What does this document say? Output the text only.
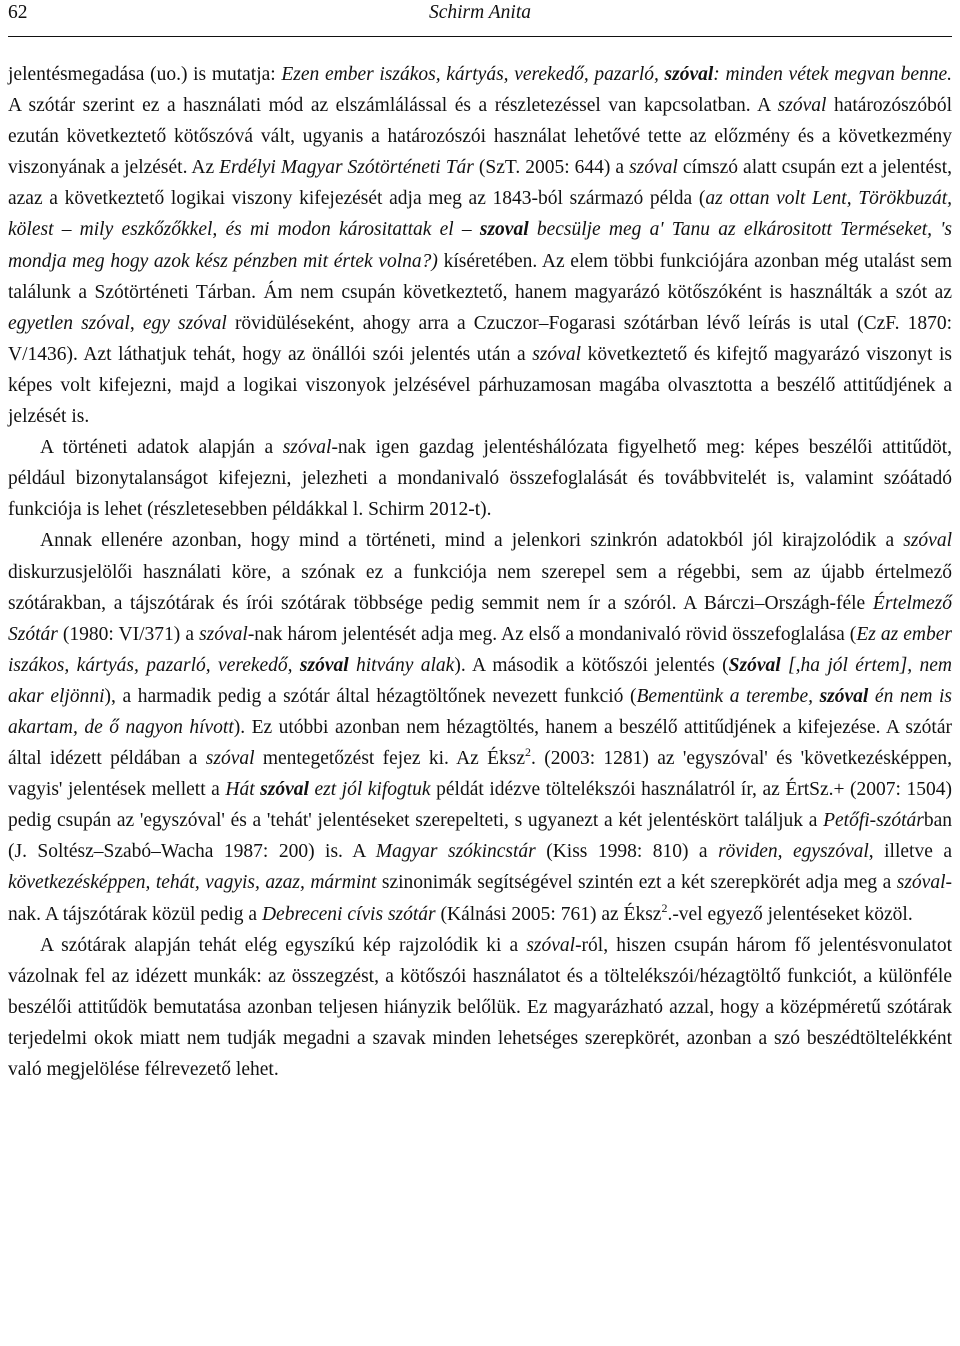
62	Schirm Anita

jelentésmegadása (uo.) is mutatja: Ezen ember iszákos, kártyás, verekedő, pazarló, szóval: minden vétek megvan benne. A szótár szerint ez a használati mód az elszámlálással és a részletezéssel van kapcsolatban. A szóval határozószóból ezután következtető kötőszóvá vált, ugyanis a határozószói használat lehetővé tette az előzmény és a következmény viszonyának a jelzését. Az Erdélyi Magyar Szótörténeti Tár (SzT. 2005: 644) a szóval címszó alatt csupán ezt a jelentést, azaz a következtető logikai viszony kifejezését adja meg az 1843-ból származó példa (az ottan volt Lent, Törökbuzát, kölest – mily eszkőzőkkel, és mi modon kárositattak el – szoval becsülje meg a' Tanu az elkárositott Terméseket, 's mondja meg hogy azok kész pénzben mit értek volna?) kíséretében. Az elem többi funkciójára azonban még utalást sem találunk a Szótörténeti Tárban. Ám nem csupán következtető, hanem magyarázó kötőszóként is használták a szót az egyetlen szóval, egy szóval rövidüléseként, ahogy arra a Czuczor–Fogarasi szótárban lévő leírás is utal (CzF. 1870: V/1436). Azt láthatjuk tehát, hogy az önállói szói jelentés után a szóval következtető és kifejtő magyarázó viszonyt is képes volt kifejezni, majd a logikai viszonyok jelzésével párhuzamosan magába olvasztotta a beszélő attitűdjének a jelzését is.

A történeti adatok alapján a szóval-nak igen gazdag jelentéshálózata figyelhető meg: képes beszélői attitűdöt, például bizonytalanságot kifejezni, jelezheti a mondanivaló összefoglalását és továbbvitelét is, valamint szóátadó funkciója is lehet (részletesebben példákkal l. Schirm 2012-t).

Annak ellenére azonban, hogy mind a történeti, mind a jelenkori szinkrón adatokból jól kirajzolódik a szóval diskurzusjelölői használati köre, a szónak ez a funkciója nem szerepel sem a régebbi, sem az újabb értelmező szótárakban, a tájszótárak és írói szótárak többsége pedig semmit nem ír a szóról. A Bárczi–Országh-féle Értelmező Szótár (1980: VI/371) a szóval-nak három jelentését adja meg. Az első a mondanivaló rövid összefoglalása (Ez az ember iszákos, kártyás, pazarló, verekedő, szóval hitvány alak). A második a kötőszói jelentés (Szóval [,ha jól értem], nem akar eljönni), a harmadik pedig a szótár által hézagtöltőnek nevezett funkció (Bementünk a terembe, szóval én nem is akartam, de ő nagyon hívott). Ez utóbbi azonban nem hézagtöltés, hanem a beszélő attitűdjének a kifejezése. A szótár által idézett példában a szóval mentegetőzést fejez ki. Az Éksz$^2$. (2003: 1281) az 'egyszóval' és 'következésképpen, vagyis' jelentések mellett a Hát szóval ezt jól kifogtuk példát idézve töltelékszói használatról ír, az ÉrtSz.+ (2007: 1504) pedig csupán az 'egyszóval' és a 'tehát' jelentéseket szerepelteti, s ugyanezt a két jelentéskört találjuk a Petőfi-szótárban (J. Soltész–Szabó–Wacha 1987: 200) is. A Magyar szókincstár (Kiss 1998: 810) a röviden, egyszóval, illetve a következésképpen, tehát, vagyis, azaz, mármint szinonimák segítségével szintén ezt a két szerepkörét adja meg a szóval-nak. A tájszótárak közül pedig a Debreceni cívis szótár (Kálnási 2005: 761) az Éksz$^2$.-vel egyező jelentéseket közöl.

A szótárak alapján tehát elég egyszíkú kép rajzolódik ki a szóval-ról, hiszen csupán három fő jelentésvonulatot vázolnak fel az idézett munkák: az összegzést, a kötőszói használatot és a töltelékszói/hézagtöltő funkciót, a különféle beszélői attitűdök bemutatása azonban teljesen hiányzik belőlük. Ez magyarázható azzal, hogy a középméretű szótárak terjedelmi okok miatt nem tudják megadni a szavak minden lehetséges szerepkörét, azonban a szó beszédtöltelékként való megjelölése félrevezető lehet.
